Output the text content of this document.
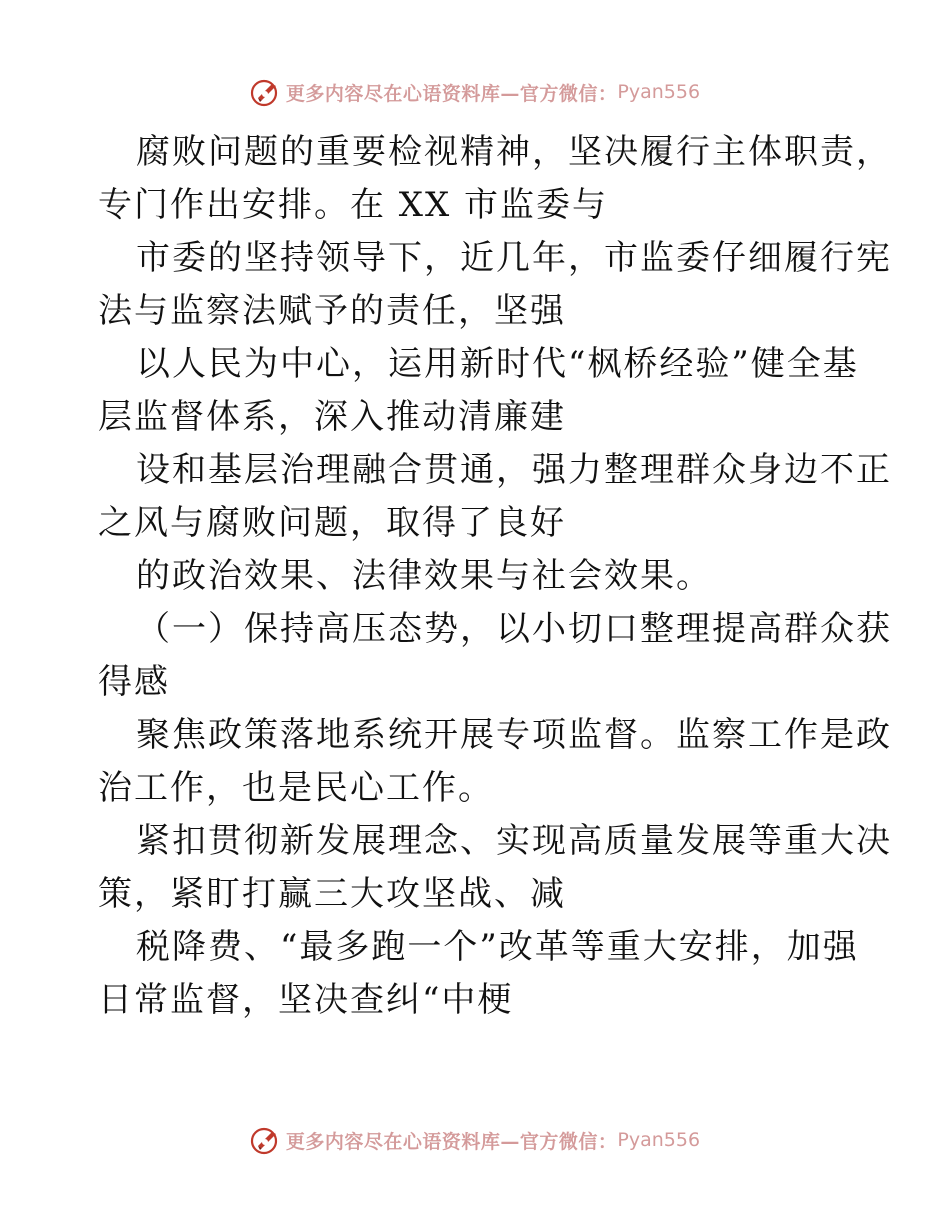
更多内容尽在心语资料库—官方微信： Pyan556
腐败问题的重要检视精神，坚决履行主体职责，
专门作出安排。在 XX 市监委与
市委的坚持领导下，近几年，市监委仔细履行宪
法与监察法赋予的责任，坚强
以人民为中心，运用新时代“枫桥经验”健全基
层监督体系，深入推动清廉建
设和基层治理融合贯通，强力整理群众身边不正
之风与腐败问题，取得了良好
的政治效果、法律效果与社会效果。
（一）保持高压态势，以小切口整理提高群众获
得感
聚焦政策落地系统开展专项监督。监察工作是政
治工作，也是民心工作。
紧扣贯彻新发展理念、实现高质量发展等重大决
策，紧盯打赢三大攻坚战、减
税降费、“最多跑一个”改革等重大安排，加强
日常监督，坚决查纠“中梗
更多内容尽在心语资料库—官方微信： Pyan556
